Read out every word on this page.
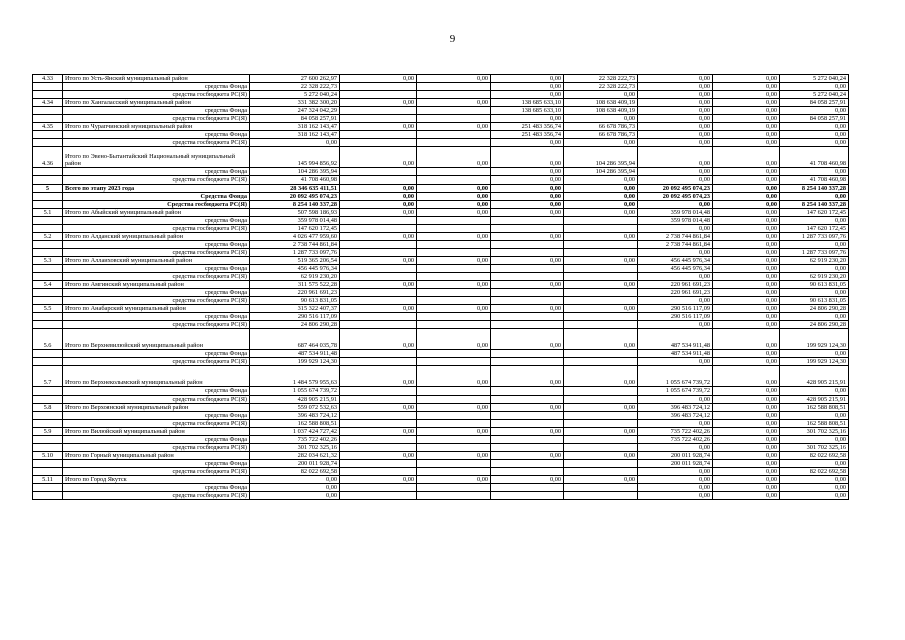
9
4.33	Итого по Усть-Янский муниципальный район	27 600 262,97	0,00	0,00	0,00	22 328 222,73	0,00	0,00	5 272 040,24
	средства Фонда	22 328 222,73			0,00	22 328 222,73	0,00	0,00	0,00
	средства госбюджета РС(Я)	5 272 040,24			0,00	0,00	0,00	0,00	5 272 040,24
4.34	Итого по Хангаласский муниципальный район	331 382 300,20	0,00	0,00	138 685 633,10	108 638 409,19	0,00	0,00	84 058 257,91
	средства Фонда	247 324 042,29			138 685 633,10	108 638 409,19	0,00	0,00	0,00
	средства госбюджета РС(Я)	84 058 257,91			0,00	0,00	0,00	0,00	84 058 257,91
4.35	Итого по Чурапчинский муниципальный район	318 162 143,47	0,00	0,00	251 483 356,74	66 678 786,73	0,00	0,00	0,00
	средства Фонда	318 162 143,47			251 483 356,74	66 678 786,73	0,00	0,00	0,00
	средства госбюджета РС(Я)	0,00			0,00	0,00	0,00	0,00	0,00
4.36	Итого по Эвено-Бытантайский Национальный муниципальный район	145 994 856,92	0,00	0,00	0,00	104 286 395,94	0,00	0,00	41 708 460,98
	средства Фонда	104 286 395,94			0,00	104 286 395,94	0,00	0,00	0,00
	средства госбюджета РС(Я)	41 708 460,98			0,00	0,00	0,00	0,00	41 708 460,98
5	Всего по этапу 2023 года	28 346 635 411,51	0,00	0,00	0,00	0,00	20 092 495 074,23	0,00	8 254 140 337,28
	Средства Фонда	20 092 495 074,23	0,00	0,00	0,00	0,00	20 092 495 074,23	0,00	0,00
	Средства госбюджета РС(Я)	8 254 140 337,28	0,00	0,00	0,00	0,00	0,00	0,00	8 254 140 337,28
5.1	Итого по Абыйский муниципальный район	507 598 186,93	0,00	0,00	0,00	0,00	359 978 014,48	0,00	147 620 172,45
	средства Фонда	359 978 014,48					359 978 014,48	0,00	0,00
	средства госбюджета РС(Я)	147 620 172,45					0,00	0,00	147 620 172,45
5.2	Итого по Алданский муниципальный район	4 026 477 959,60	0,00	0,00	0,00	0,00	2 738 744 861,84	0,00	1 287 733 097,76
	средства Фонда	2 738 744 861,84					2 738 744 861,84	0,00	0,00
	средства госбюджета РС(Я)	1 287 733 097,76					0,00	0,00	1 287 733 097,76
5.3	Итого по Аллаиховский муниципальный район	519 365 206,54	0,00	0,00	0,00	0,00	456 445 976,34	0,00	62 919 230,20
	средства Фонда	456 445 976,34					456 445 976,34	0,00	0,00
	средства госбюджета РС(Я)	62 919 230,20					0,00	0,00	62 919 230,20
5.4	Итого по Амгинский муниципальный район	311 575 522,28	0,00	0,00	0,00	0,00	220 961 691,23	0,00	90 613 831,05
	средства Фонда	220 961 691,23					220 961 691,23	0,00	0,00
	средства госбюджета РС(Я)	90 613 831,05					0,00	0,00	90 613 831,05
5.5	Итого по Анабарский муниципальный район	315 322 407,37	0,00	0,00	0,00	0,00	290 516 117,09	0,00	24 806 290,28
	средства Фонда	290 516 117,09					290 516 117,09	0,00	0,00
	средства госбюджета РС(Я)	24 806 290,28					0,00	0,00	24 806 290,28
5.6	Итого по Верхневилюйский муниципальный район	687 464 035,78	0,00	0,00	0,00	0,00	487 534 911,48	0,00	199 929 124,30
	средства Фонда	487 534 911,48					487 534 911,48	0,00	0,00
	средства госбюджета РС(Я)	199 929 124,30					0,00	0,00	199 929 124,30
5.7	Итого по Верхнеколымский муниципальный район	1 484 579 955,63	0,00	0,00	0,00	0,00	1 055 674 739,72	0,00	428 905 215,91
	средства Фонда	1 055 674 739,72					1 055 674 739,72	0,00	0,00
	средства госбюджета РС(Я)	428 905 215,91					0,00	0,00	428 905 215,91
5.8	Итого по Верхоянский муниципальный район	559 072 532,63	0,00	0,00	0,00	0,00	396 483 724,12	0,00	162 588 808,51
	средства Фонда	396 483 724,12					396 483 724,12	0,00	0,00
	средства госбюджета РС(Я)	162 588 808,51					0,00	0,00	162 588 808,51
5.9	Итого по Вилюйский муниципальный район	1 037 424 727,42	0,00	0,00	0,00	0,00	735 722 402,26	0,00	301 702 325,16
	средства Фонда	735 722 402,26					735 722 402,26	0,00	0,00
	средства госбюджета РС(Я)	301 702 325,16					0,00	0,00	301 702 325,16
5.10	Итого по Горный муниципальный район	282 034 621,32	0,00	0,00	0,00	0,00	200 011 928,74	0,00	82 022 692,58
	средства Фонда	200 011 928,74					200 011 928,74	0,00	0,00
	средства госбюджета РС(Я)	82 022 692,58					0,00	0,00	82 022 692,58
5.11	Итого по Город Якутск	0,00	0,00	0,00	0,00	0,00	0,00	0,00	0,00
	средства Фонда	0,00					0,00	0,00	0,00
	средства госбюджета РС(Я)	0,00					0,00	0,00	0,00
